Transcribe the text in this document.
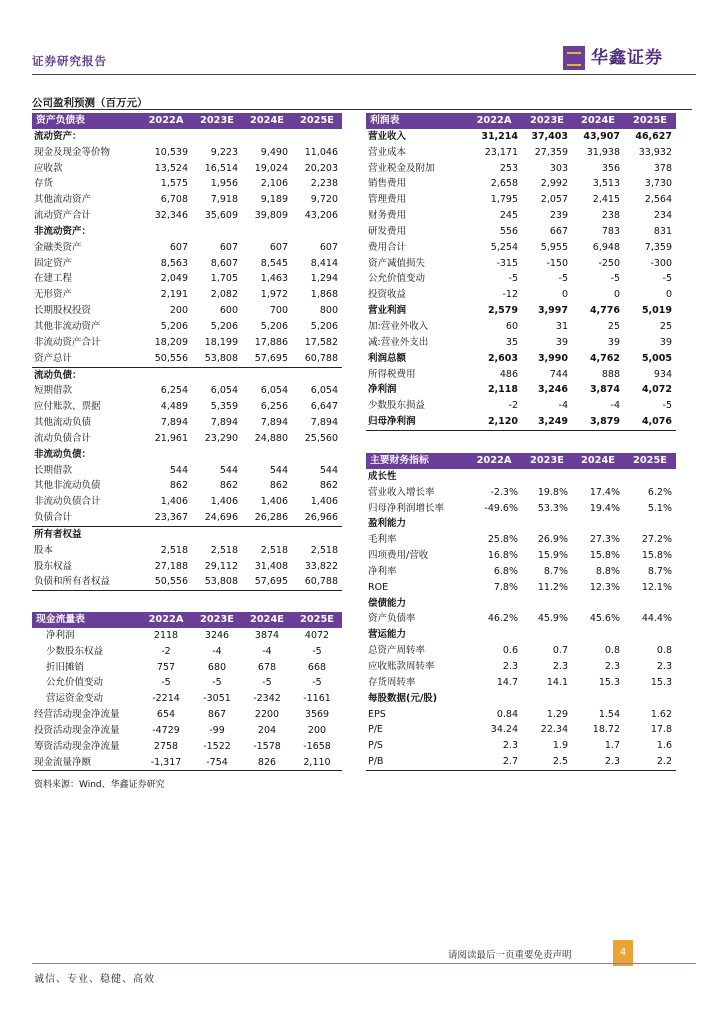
证券研究报告	华鑫证券
公司盈利预测（百万元）
资产负债表	2022A	2023E	2024E	2025E
流动资产：				
现金及现金等价物	10,539	9,223	9,490	11,046
应收款	13,524	16,514	19,024	20,203
存货	1,575	1,956	2,106	2,238
其他流动资产	6,708	7,918	9,189	9,720
流动资产合计	32,346	35,609	39,809	43,206
非流动资产：				
金融类资产	607	607	607	607
固定资产	8,563	8,607	8,545	8,414
在建工程	2,049	1,705	1,463	1,294
无形资产	2,191	2,082	1,972	1,868
长期股权投资	200	600	700	800
其他非流动资产	5,206	5,206	5,206	5,206
非流动资产合计	18,209	18,199	17,886	17,582
资产总计	50,556	53,808	57,695	60,788
流动负债：				
短期借款	6,254	6,054	6,054	6,054
应付账款、票据	4,489	5,359	6,256	6,647
其他流动负债	7,894	7,894	7,894	7,894
流动负债合计	21,961	23,290	24,880	25,560
非流动负债：				
长期借款	544	544	544	544
其他非流动负债	862	862	862	862
非流动负债合计	1,406	1,406	1,406	1,406
负债合计	23,367	24,696	26,286	26,966
所有者权益				
股本	2,518	2,518	2,518	2,518
股东权益	27,188	29,112	31,408	33,822
负债和所有者权益	50,556	53,808	57,695	60,788
利润表	2022A	2023E	2024E	2025E
营业收入	31,214	37,403	43,907	46,627
营业成本	23,171	27,359	31,938	33,932
营业税金及附加	253	303	356	378
销售费用	2,658	2,992	3,513	3,730
管理费用	1,795	2,057	2,415	2,564
财务费用	245	239	238	234
研发费用	556	667	783	831
费用合计	5,254	5,955	6,948	7,359
资产减值损失	-315	-150	-250	-300
公允价值变动	-5	-5	-5	-5
投资收益	-12	0	0	0
营业利润	2,579	3,997	4,776	5,019
加:营业外收入	60	31	25	25
减:营业外支出	35	39	39	39
利润总额	2,603	3,990	4,762	5,005
所得税费用	486	744	888	934
净利润	2,118	3,246	3,874	4,072
少数股东损益	-2	-4	-4	-5
归母净利润	2,120	3,249	3,879	4,076
主要财务指标	2022A	2023E	2024E	2025E
成长性				
营业收入增长率	-2.3%	19.8%	17.4%	6.2%
归母净利润增长率	-49.6%	53.3%	19.4%	5.1%
盈利能力				
毛利率	25.8%	26.9%	27.3%	27.2%
四项费用/营收	16.8%	15.9%	15.8%	15.8%
净利率	6.8%	8.7%	8.8%	8.7%
ROE	7.8%	11.2%	12.3%	12.1%
偿债能力				
资产负债率	46.2%	45.9%	45.6%	44.4%
营运能力				
总资产周转率	0.6	0.7	0.8	0.8
应收账款周转率	2.3	2.3	2.3	2.3
存货周转率	14.7	14.1	15.3	15.3
每股数据(元/股)				
EPS	0.84	1.29	1.54	1.62
P/E	34.24	22.34	18.72	17.8
P/S	2.3	1.9	1.7	1.6
P/B	2.7	2.5	2.3	2.2
现金流量表	2022A	2023E	2024E	2025E
净利润	2118	3246	3874	4072
少数股东权益	-2	-4	-4	-5
折旧摊销	757	680	678	668
公允价值变动	-5	-5	-5	-5
营运资金变动	-2214	-3051	-2342	-1161
经营活动现金净流量	654	867	2200	3569
投资活动现金净流量	-4729	-99	204	200
筹资活动现金净流量	2758	-1522	-1578	-1658
现金流量净额	-1,317	-754	826	2,110
资料来源：Wind、华鑫证券研究
请阅读最后一页重要免责声明	4
诚信、专业、稳健、高效
